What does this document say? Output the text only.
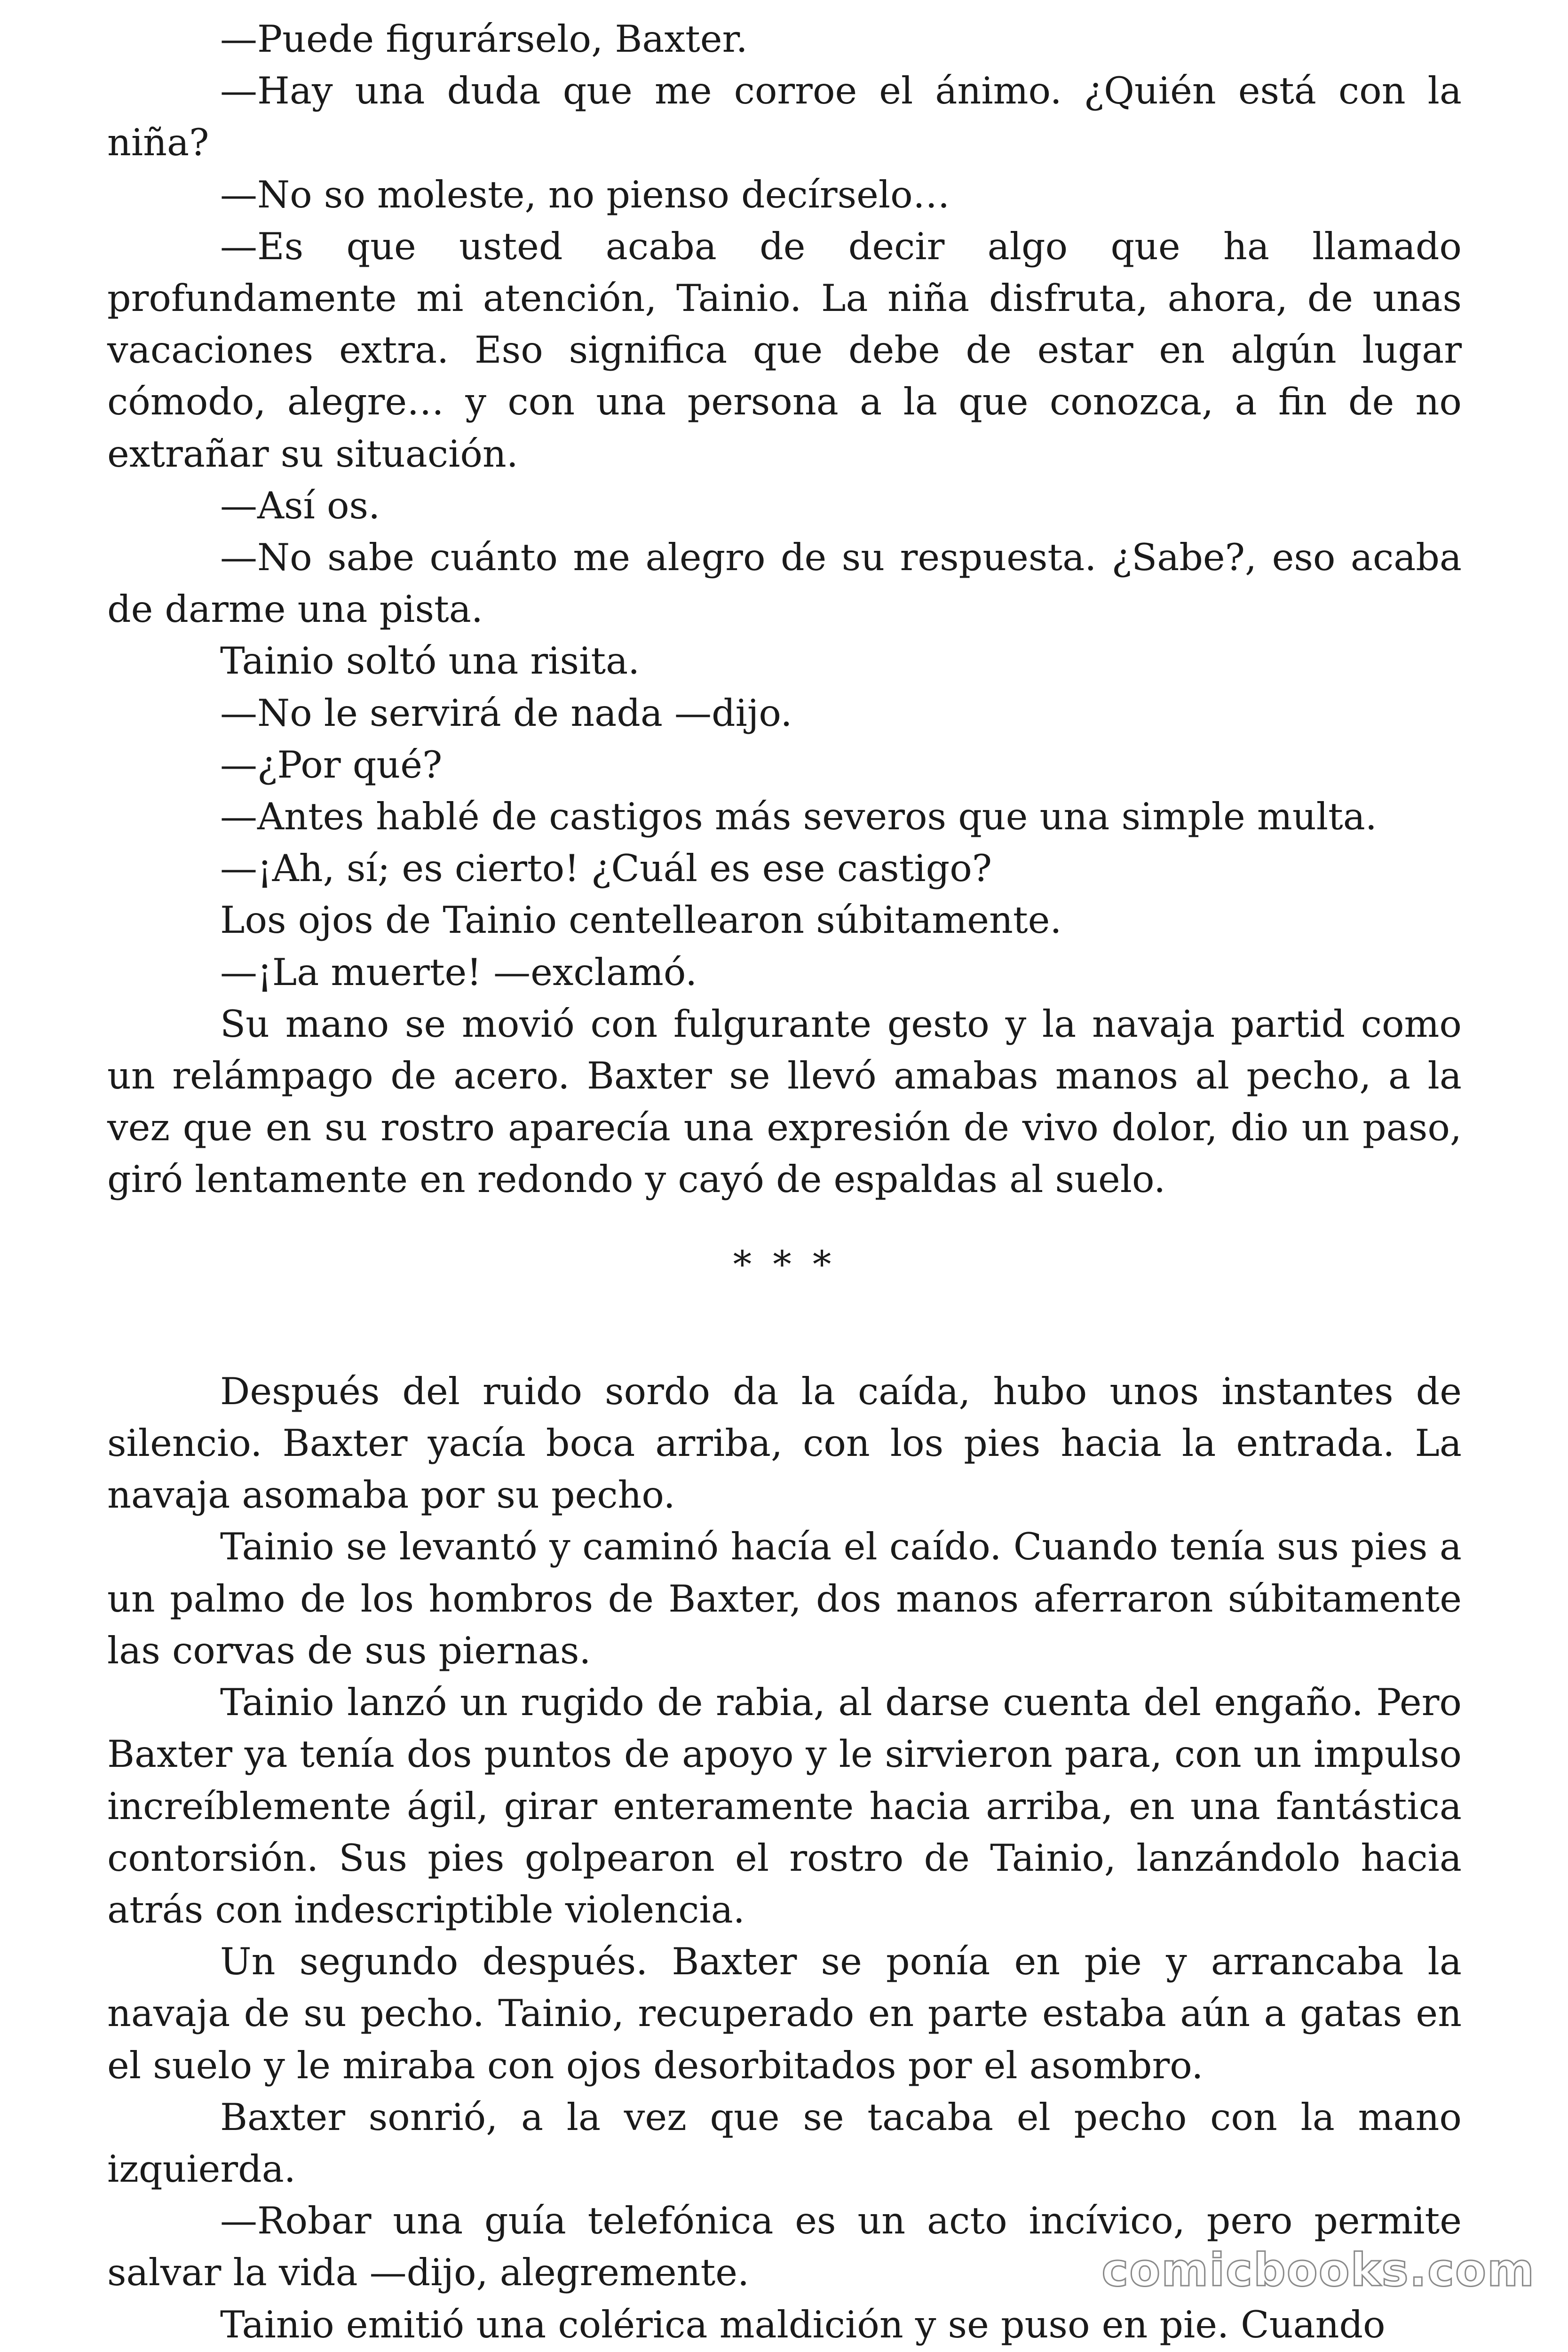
—Puede figurárselo, Baxter.

—Hay una duda que me corroe el ánimo. ¿Quién está con la niña?

—No so moleste, no pienso decírselo…

—Es que usted acaba de decir algo que ha llamado profundamente mi atención, Tainio. La niña disfruta, ahora, de unas vacaciones extra. Eso significa que debe de estar en algún lugar cómodo, alegre… y con una persona a la que conozca, a fin de no extrañar su situación.

—Así os.

—No sabe cuánto me alegro de su respuesta. ¿Sabe?, eso acaba de darme una pista.

Tainio soltó una risita.

—No le servirá de nada —dijo.

—¿Por qué?

—Antes hablé de castigos más severos que una simple multa.

—¡Ah, sí; es cierto! ¿Cuál es ese castigo?

Los ojos de Tainio centellearon súbitamente.

—¡La muerte! —exclamó.

Su mano se movió con fulgurante gesto y la navaja partid como un relámpago de acero. Baxter se llevó amabas manos al pecho, a la vez que en su rostro aparecía una expresión de vivo dolor, dio un paso, giró lentamente en redondo y cayó de espaldas al suelo.

* * *

Después del ruido sordo da la caída, hubo unos instantes de silencio. Baxter yacía boca arriba, con los pies hacia la entrada. La navaja asomaba por su pecho.

Tainio se levantó y caminó hacía el caído. Cuando tenía sus pies a un palmo de los hombros de Baxter, dos manos aferraron súbitamente las corvas de sus piernas.

Tainio lanzó un rugido de rabia, al darse cuenta del engaño. Pero Baxter ya tenía dos puntos de apoyo y le sirvieron para, con un impulso increíblemente ágil, girar enteramente hacia arriba, en una fantástica contorsión. Sus pies golpearon el rostro de Tainio, lanzándolo hacia atrás con indescriptible violencia.

Un segundo después. Baxter se ponía en pie y arrancaba la navaja de su pecho. Tainio, recuperado en parte estaba aún a gatas en el suelo y le miraba con ojos desorbitados por el asombro.

Baxter sonrió, a la vez que se tacaba el pecho con la mano izquierda.

—Robar una guía telefónica es un acto incívico, pero permite salvar la vida —dijo, alegremente.

Tainio emitió una colérica maldición y se puso en pie. Cuando

comicbooks.com
